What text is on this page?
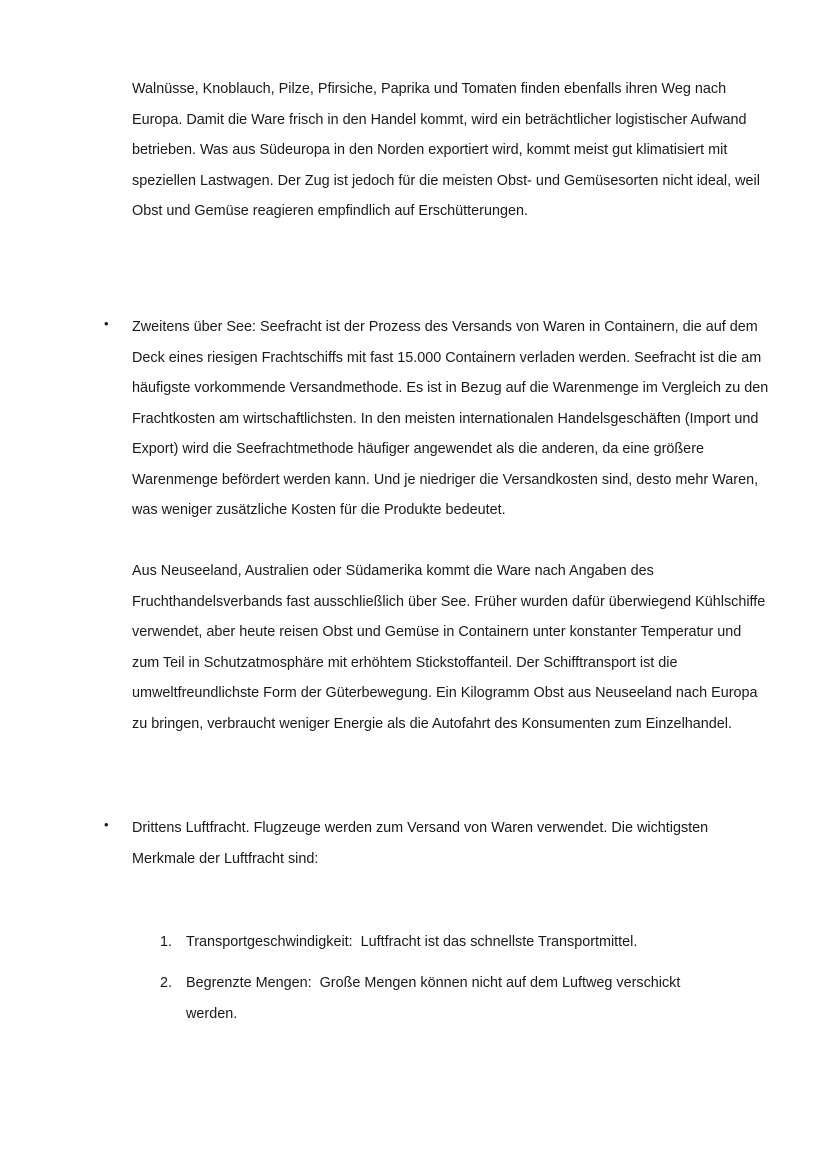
Walnüsse, Knoblauch, Pilze, Pfirsiche, Paprika und Tomaten finden ebenfalls ihren Weg nach Europa. Damit die Ware frisch in den Handel kommt, wird ein beträchtlicher logistischer Aufwand betrieben. Was aus Südeuropa in den Norden exportiert wird, kommt meist gut klimatisiert mit speziellen Lastwagen. Der Zug ist jedoch für die meisten Obst- und Gemüsesorten nicht ideal, weil Obst und Gemüse reagieren empfindlich auf Erschütterungen.

•	Zweitens über See: Seefracht ist der Prozess des Versands von Waren in Containern, die auf dem Deck eines riesigen Frachtschiffs mit fast 15.000 Containern verladen werden. Seefracht ist die am häufigste vorkommende Versandmethode. Es ist in Bezug auf die Warenmenge im Vergleich zu den Frachtkosten am wirtschaftlichsten. In den meisten internationalen Handelsgeschäften (Import und Export) wird die Seefrachtmethode häufiger angewendet als die anderen, da eine größere Warenmenge befördert werden kann. Und je niedriger die Versandkosten sind, desto mehr Waren, was weniger zusätzliche Kosten für die Produkte bedeutet.

Aus Neuseeland, Australien oder Südamerika kommt die Ware nach Angaben des Fruchthandelsverbands fast ausschließlich über See. Früher wurden dafür überwiegend Kühlschiffe verwendet, aber heute reisen Obst und Gemüse in Containern unter konstanter Temperatur und zum Teil in Schutzatmosphäre mit erhöhtem Stickstoffanteil. Der Schifftransport ist die umweltfreundlichste Form der Güterbewegung. Ein Kilogramm Obst aus Neuseeland nach Europa zu bringen, verbraucht weniger Energie als die Autofahrt des Konsumenten zum Einzelhandel.

•	Drittens Luftfracht. Flugzeuge werden zum Versand von Waren verwendet. Die wichtigsten Merkmale der Luftfracht sind:

1. Transportgeschwindigkeit: Luftfracht ist das schnellste Transportmittel.
2. Begrenzte Mengen: Große Mengen können nicht auf dem Luftweg verschickt werden.
